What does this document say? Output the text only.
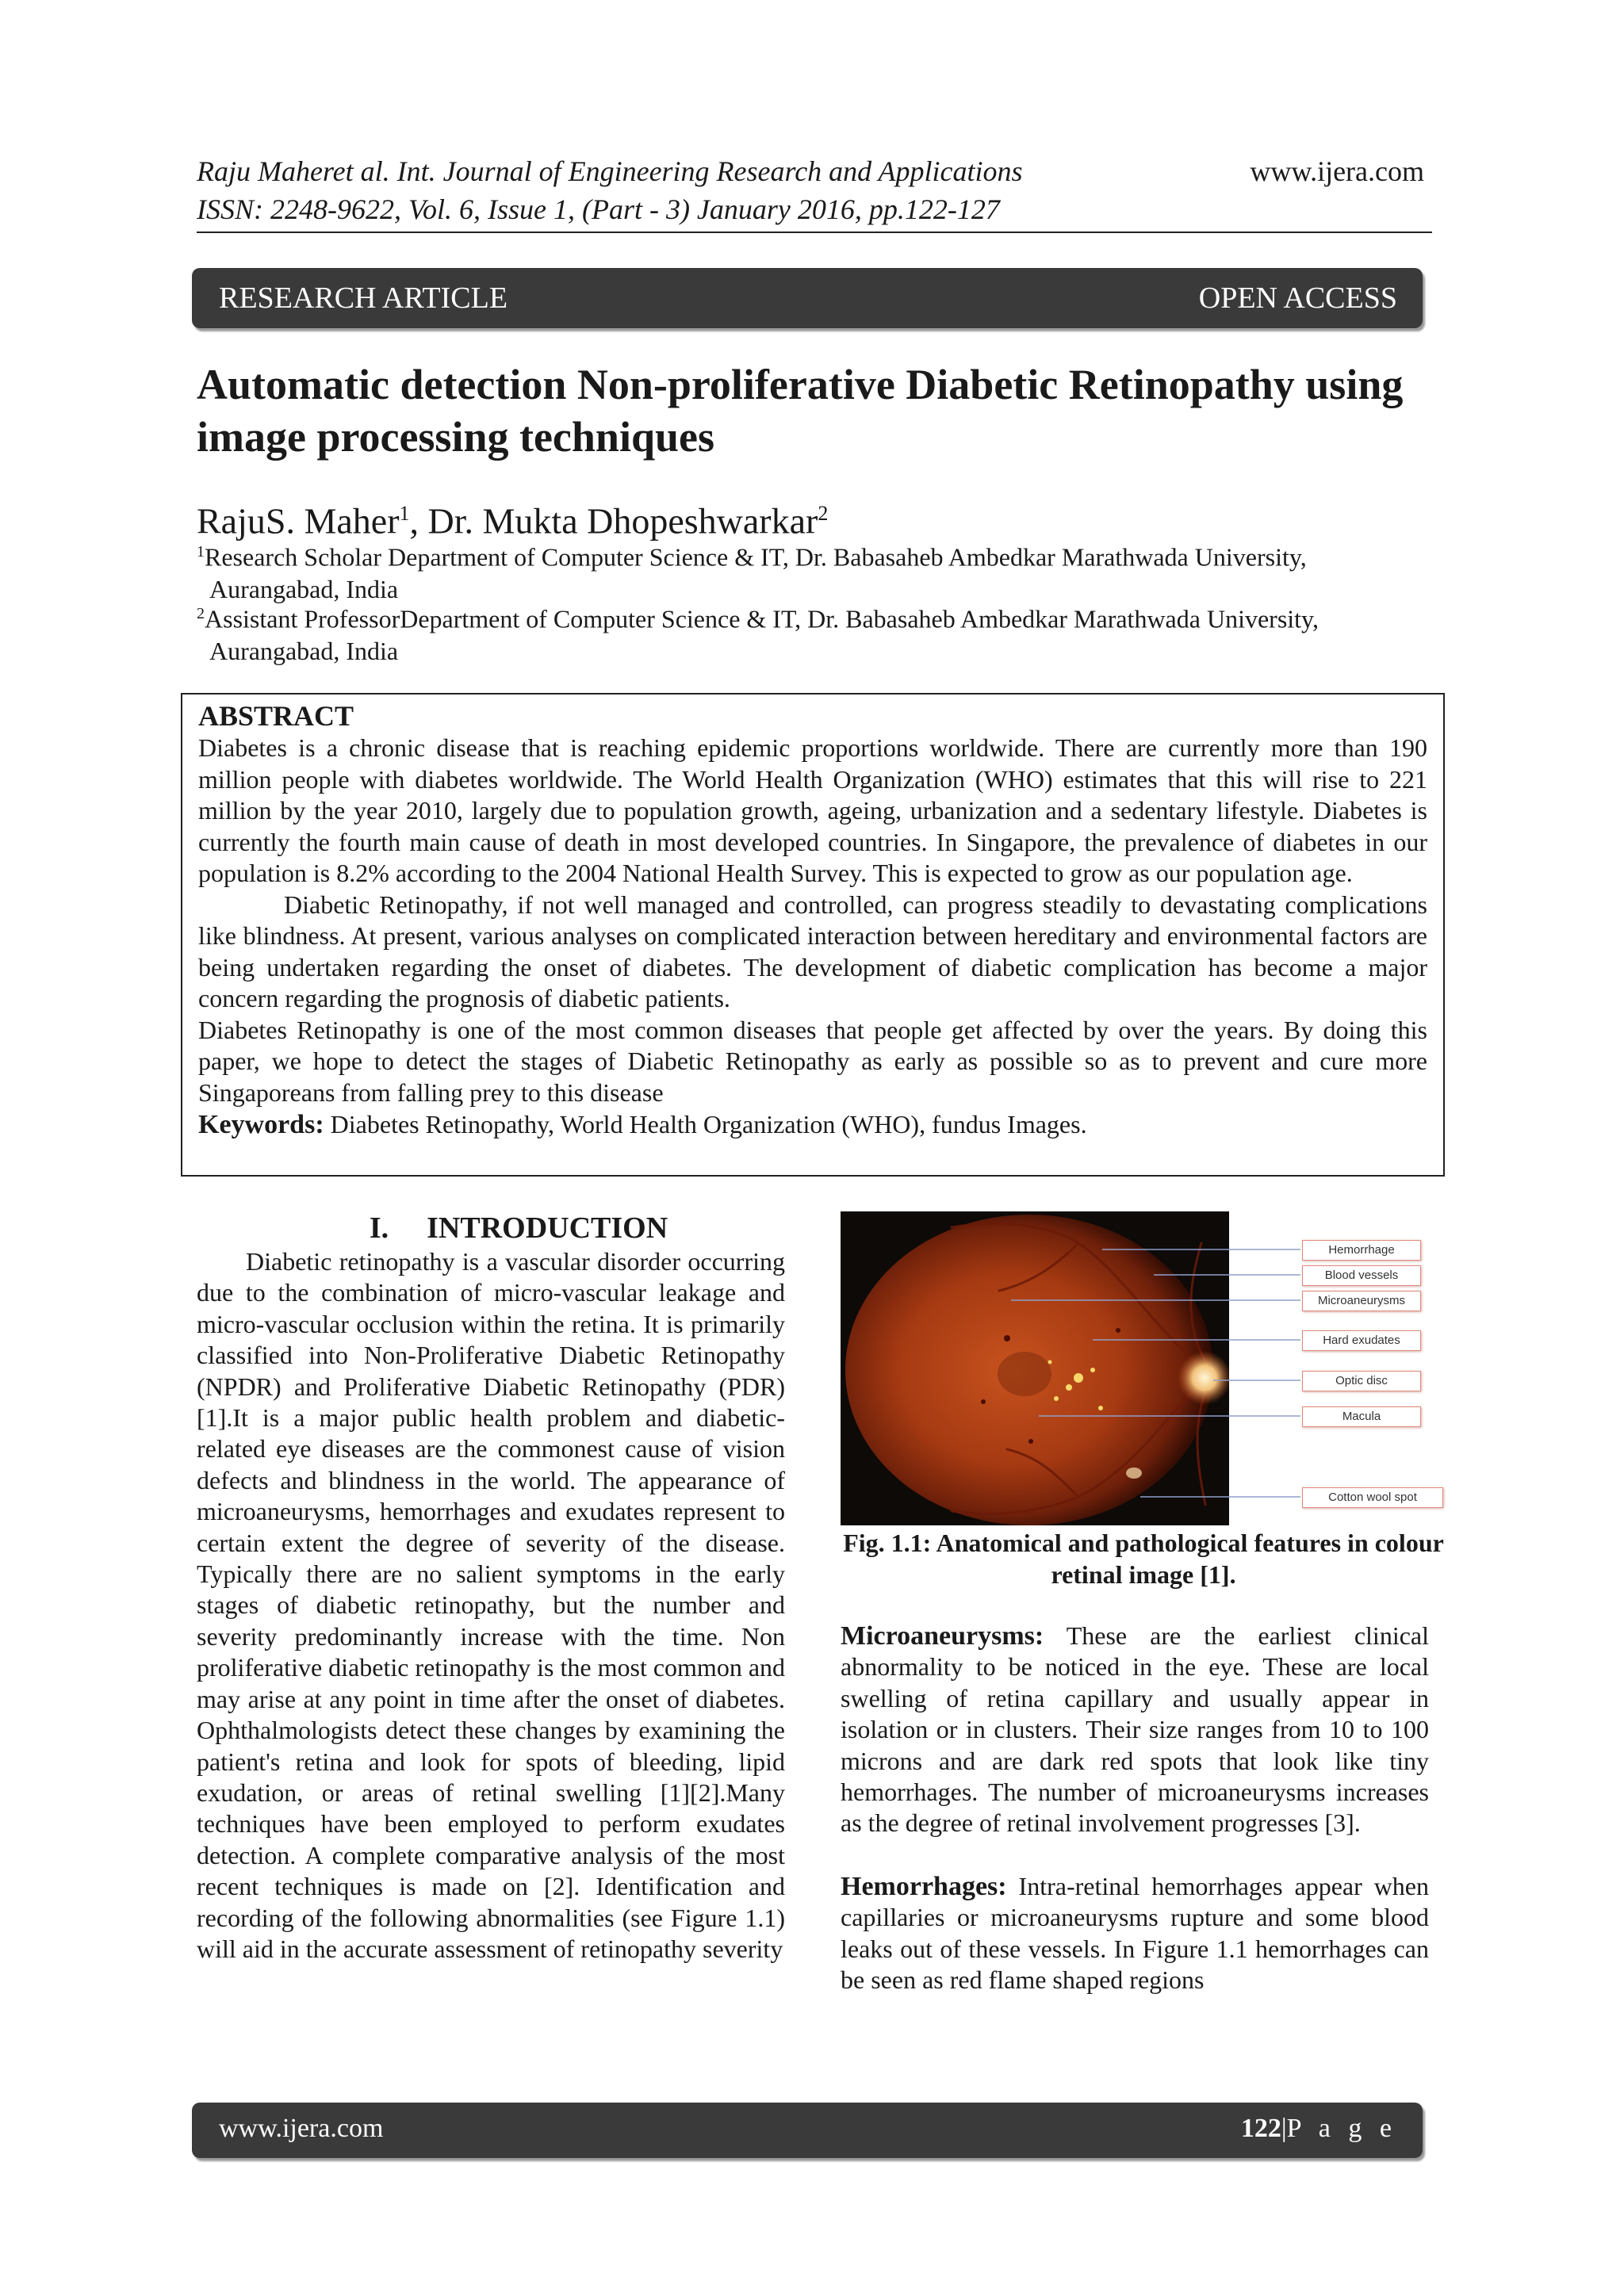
Raju Maheret al. Int. Journal of Engineering Research and Applications
ISSN: 2248-9622, Vol. 6, Issue 1, (Part - 3) January 2016, pp.122-127
www.ijera.com
RESEARCH ARTICLE	OPEN ACCESS
Automatic detection Non-proliferative Diabetic Retinopathy using image processing techniques
RajuS. Maher$^1$, Dr. Mukta Dhopeshwarkar$^2$
$^1$Research Scholar Department of Computer Science & IT, Dr. Babasaheb Ambedkar Marathwada University,
Aurangabad, India
$^2$Assistant ProfessorDepartment of Computer Science & IT, Dr. Babasaheb Ambedkar Marathwada University,
Aurangabad, India
ABSTRACT

Diabetes is a chronic disease that is reaching epidemic proportions worldwide. There are currently more than 190 million people with diabetes worldwide. The World Health Organization (WHO) estimates that this will rise to 221 million by the year 2010, largely due to population growth, ageing, urbanization and a sedentary lifestyle. Diabetes is currently the fourth main cause of death in most developed countries. In Singapore, the prevalence of diabetes in our population is 8.2% according to the 2004 National Health Survey. This is expected to grow as our population age.

Diabetic Retinopathy, if not well managed and controlled, can progress steadily to devastating complications like blindness. At present, various analyses on complicated interaction between hereditary and environmental factors are being undertaken regarding the onset of diabetes. The development of diabetic complication has become a major concern regarding the prognosis of diabetic patients.

Diabetes Retinopathy is one of the most common diseases that people get affected by over the years. By doing this paper, we hope to detect the stages of Diabetic Retinopathy as early as possible so as to prevent and cure more Singaporeans from falling prey to this disease

Keywords: Diabetes Retinopathy, World Health Organization (WHO), fundus Images.
I. INTRODUCTION

Diabetic retinopathy is a vascular disorder occurring due to the combination of micro-vascular leakage and micro-vascular occlusion within the retina. It is primarily classified into Non-Proliferative Diabetic Retinopathy (NPDR) and Proliferative Diabetic Retinopathy (PDR) [1].It is a major public health problem and diabetic-related eye diseases are the commonest cause of vision defects and blindness in the world. The appearance of microaneurysms, hemorrhages and exudates represent to certain extent the degree of severity of the disease. Typically there are no salient symptoms in the early stages of diabetic retinopathy, but the number and severity predominantly increase with the time. Non proliferative diabetic retinopathy is the most common and may arise at any point in time after the onset of diabetes. Ophthalmologists detect these changes by examining the patient's retina and look for spots of bleeding, lipid exudation, or areas of retinal swelling [1][2].Many techniques have been employed to perform exudates detection. A complete comparative analysis of the most recent techniques is made on [2]. Identification and recording of the following abnormalities (see Figure 1.1) will aid in the accurate assessment of retinopathy severity

Hemorrhage
Blood vessels
Microaneurysms
Hard exudates
Optic disc
Macula
Cotton wool spot
Fig. 1.1: Anatomical and pathological features in colour retinal image [1].

Microaneurysms: These are the earliest clinical abnormality to be noticed in the eye. These are local swelling of retina capillary and usually appear in isolation or in clusters. Their size ranges from 10 to 100 microns and are dark red spots that look like tiny hemorrhages. The number of microaneurysms increases as the degree of retinal involvement progresses [3].

Hemorrhages: Intra-retinal hemorrhages appear when capillaries or microaneurysms rupture and some blood leaks out of these vessels. In Figure 1.1 hemorrhages can be seen as red flame shaped regions

www.ijera.com	122|P a g e
